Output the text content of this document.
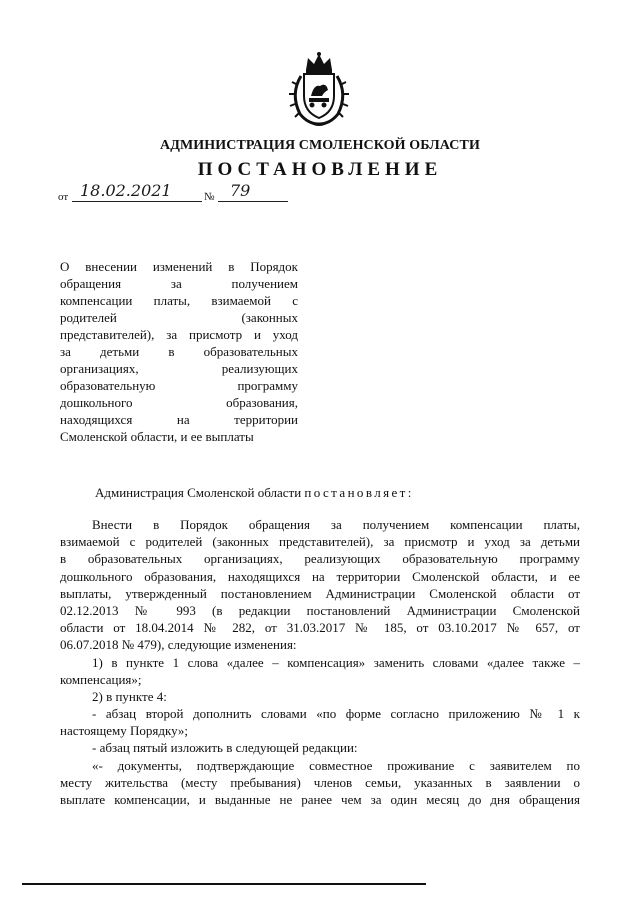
АДМИНИСТРАЦИЯ СМОЛЕНСКОЙ ОБЛАСТИ
ПОСТАНОВЛЕНИЕ
от 18.02.2021	№ 79
О внесении изменений в Порядок
обращения за получением
компенсации платы, взимаемой с
родителей (законных
представителей), за присмотр и уход
за детьми в образовательных
организациях, реализующих
образовательную программу
дошкольного образования,
находящихся на территории
Смоленской области, и ее выплаты
Администрация Смоленской области постановляет:
Внести в Порядок обращения за получением компенсации платы,
взимаемой с родителей (законных представителей), за присмотр и уход за детьми
в образовательных организациях, реализующих образовательную программу
дошкольного образования, находящихся на территории Смоленской области, и ее
выплаты, утвержденный постановлением Администрации Смоленской области от
02.12.2013 № 993 (в редакции постановлений Администрации Смоленской
области от 18.04.2014 № 282, от 31.03.2017 № 185, от 03.10.2017 № 657, от
06.07.2018 № 479), следующие изменения:
1) в пункте 1 слова «далее – компенсация» заменить словами «далее также –
компенсация»;
2) в пункте 4:
- абзац второй дополнить словами «по форме согласно приложению № 1 к
настоящему Порядку»;
- абзац пятый изложить в следующей редакции:
«- документы, подтверждающие совместное проживание с заявителем по
месту жительства (месту пребывания) членов семьи, указанных в заявлении о
выплате компенсации, и выданные не ранее чем за один месяц до дня обращения
